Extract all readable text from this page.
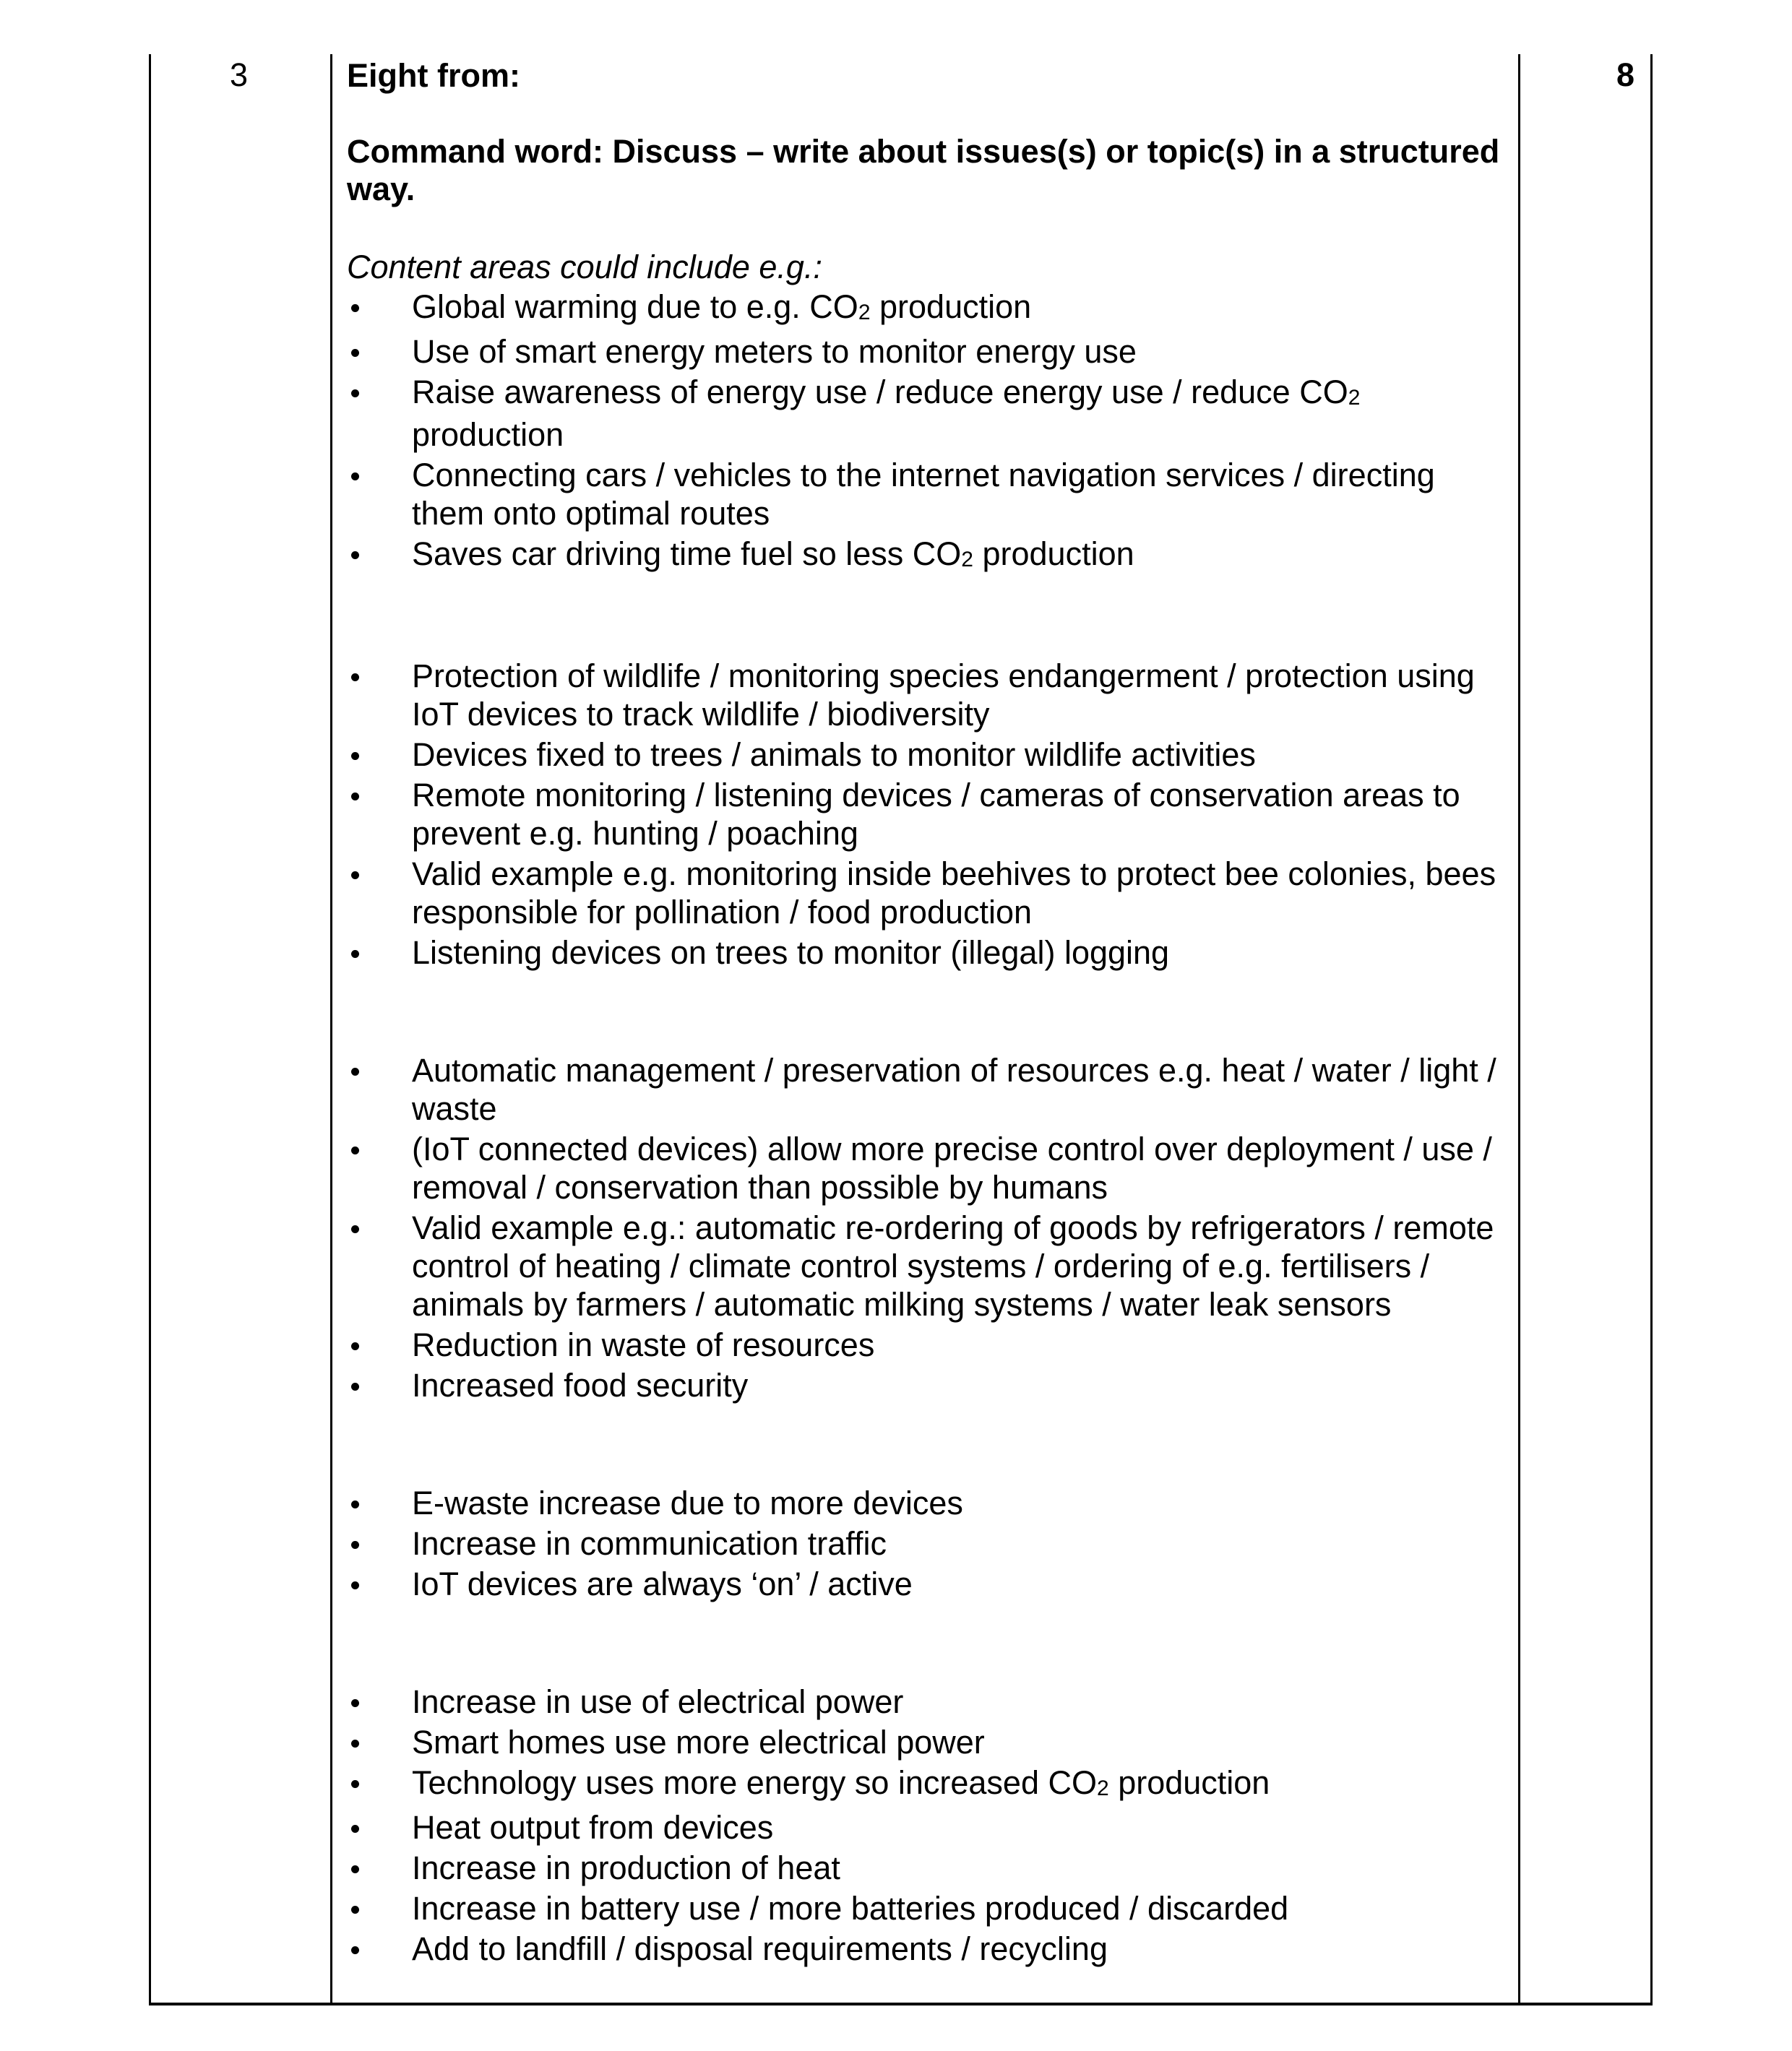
3	8

Eight from:

Command word: Discuss – write about issues(s) or topic(s) in a structured way.

Content areas could include e.g.:

Global warming due to e.g. $CO_2$ production
Use of smart energy meters to monitor energy use
Raise awareness of energy use / reduce energy use / reduce $CO_2$ production
Connecting cars / vehicles to the internet navigation services / directing them onto optimal routes
Saves car driving time fuel so less $CO_2$ production
Protection of wildlife / monitoring species endangerment / protection using IoT devices to track wildlife / biodiversity
Devices fixed to trees / animals to monitor wildlife activities
Remote monitoring / listening devices / cameras of conservation areas to prevent e.g. hunting / poaching
Valid example e.g. monitoring inside beehives to protect bee colonies, bees responsible for pollination / food production
Listening devices on trees to monitor (illegal) logging
Automatic management / preservation of resources e.g. heat / water / light / waste
(IoT connected devices) allow more precise control over deployment / use / removal / conservation than possible by humans
Valid example e.g.: automatic re-ordering of goods by refrigerators / remote control of heating / climate control systems / ordering of e.g. fertilisers / animals by farmers / automatic milking systems / water leak sensors
Reduction in waste of resources
Increased food security
E-waste increase due to more devices
Increase in communication traffic
IoT devices are always ‘on’ / active
Increase in use of electrical power
Smart homes use more electrical power
Technology uses more energy so increased $CO_2$ production
Heat output from devices
Increase in production of heat
Increase in battery use / more batteries produced / discarded
Add to landfill / disposal requirements / recycling
